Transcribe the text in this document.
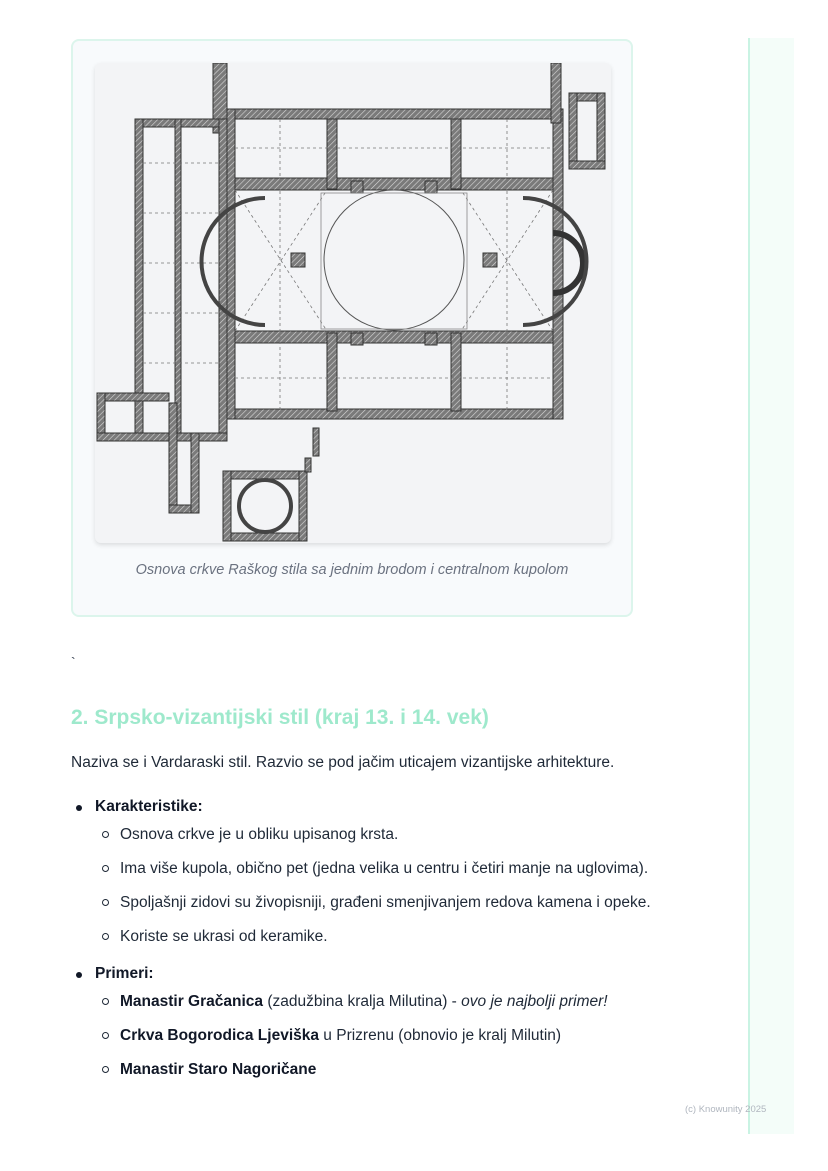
Osnova crkve Raškog stila sa jednim brodom i centralnom kupolom
`
2. Srpsko-vizantijski stil (kraj 13. i 14. vek)

Naziva se i Vardaraski stil. Razvio se pod jačim uticajem vizantijske arhitekture.

Karakteristike:
Osnova crkve je u obliku upisanog krsta.
Ima više kupola, obično pet (jedna velika u centru i četiri manje na uglovima).
Spoljašnji zidovi su živopisniji, građeni smenjivanjem redova kamena i opeke.
Koriste se ukrasi od keramike.
Primeri:
Manastir Gračanica (zadužbina kralja Milutina) - ovo je najbolji primer!
Crkva Bogorodica Ljeviška u Prizrenu (obnovio je kralj Milutin)
Manastir Staro Nagoričane
(c) Knowunity 2025
